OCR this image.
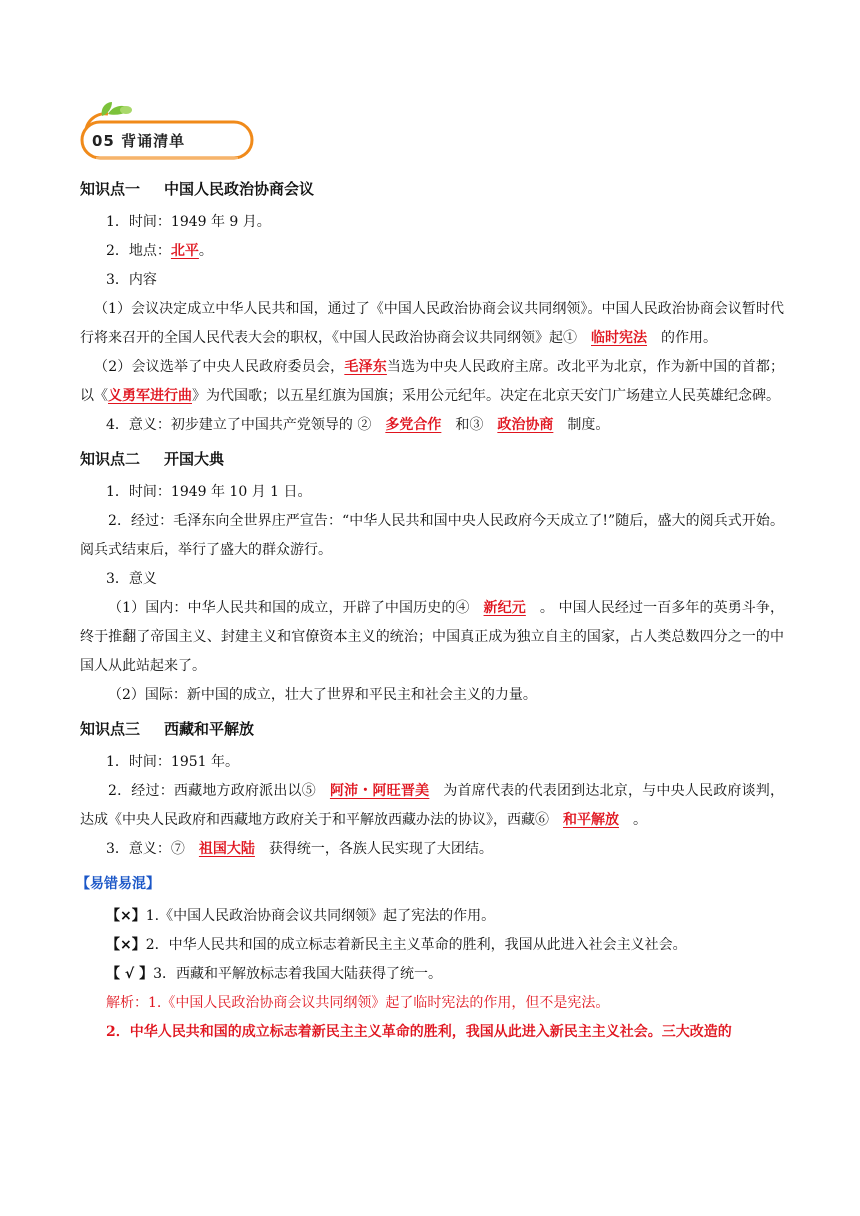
05 背诵清单
知识点一 中国人民政治协商会议

1．时间：1949 年 9 月。

2．地点：北平。

3．内容

（1）会议决定成立中华人民共和国，通过了《中国人民政治协商会议共同纲领》。中国人民政治协商会议暂时代行将来召开的全国人民代表大会的职权，《中国人民政治协商会议共同纲领》起① 临时宪法 的作用。

（2）会议选举了中央人民政府委员会，毛泽东当选为中央人民政府主席。改北平为北京，作为新中国的首都；以《义勇军进行曲》为代国歌；以五星红旗为国旗；采用公元纪年。决定在北京天安门广场建立人民英雄纪念碑。

4．意义：初步建立了中国共产党领导的 ② 多党合作 和③ 政治协商 制度。

知识点二 开国大典

1．时间：1949 年 10 月 1 日。

2．经过：毛泽东向全世界庄严宣告：“中华人民共和国中央人民政府今天成立了!”随后，盛大的阅兵式开始。 阅兵式结束后，举行了盛大的群众游行。

3．意义

（1）国内：中华人民共和国的成立，开辟了中国历史的④ 新纪元 。 中国人民经过一百多年的英勇斗争，终于推翻了帝国主义、封建主义和官僚资本主义的统治；中国真正成为独立自主的国家，占人类总数四分之一的中国人从此站起来了。

（2）国际：新中国的成立，壮大了世界和平民主和社会主义的力量。

知识点三 西藏和平解放

1．时间：1951 年。

2．经过：西藏地方政府派出以⑤ 阿沛・阿旺晋美 为首席代表的代表团到达北京，与中央人民政府谈判，达成《中央人民政府和西藏地方政府关于和平解放西藏办法的协议》，西藏⑥ 和平解放 。

3．意义：⑦ 祖国大陆 获得统一，各族人民实现了大团结。

【易错易混】

【×】1.《中国人民政治协商会议共同纲领》起了宪法的作用。

【×】2．中华人民共和国的成立标志着新民主主义革命的胜利，我国从此进入社会主义社会。

【 √ 】3．西藏和平解放标志着我国大陆获得了统一。

解析：1.《中国人民政治协商会议共同纲领》起了临时宪法的作用，但不是宪法。

2．中华人民共和国的成立标志着新民主主义革命的胜利，我国从此进入新民主主义社会。三大改造的
